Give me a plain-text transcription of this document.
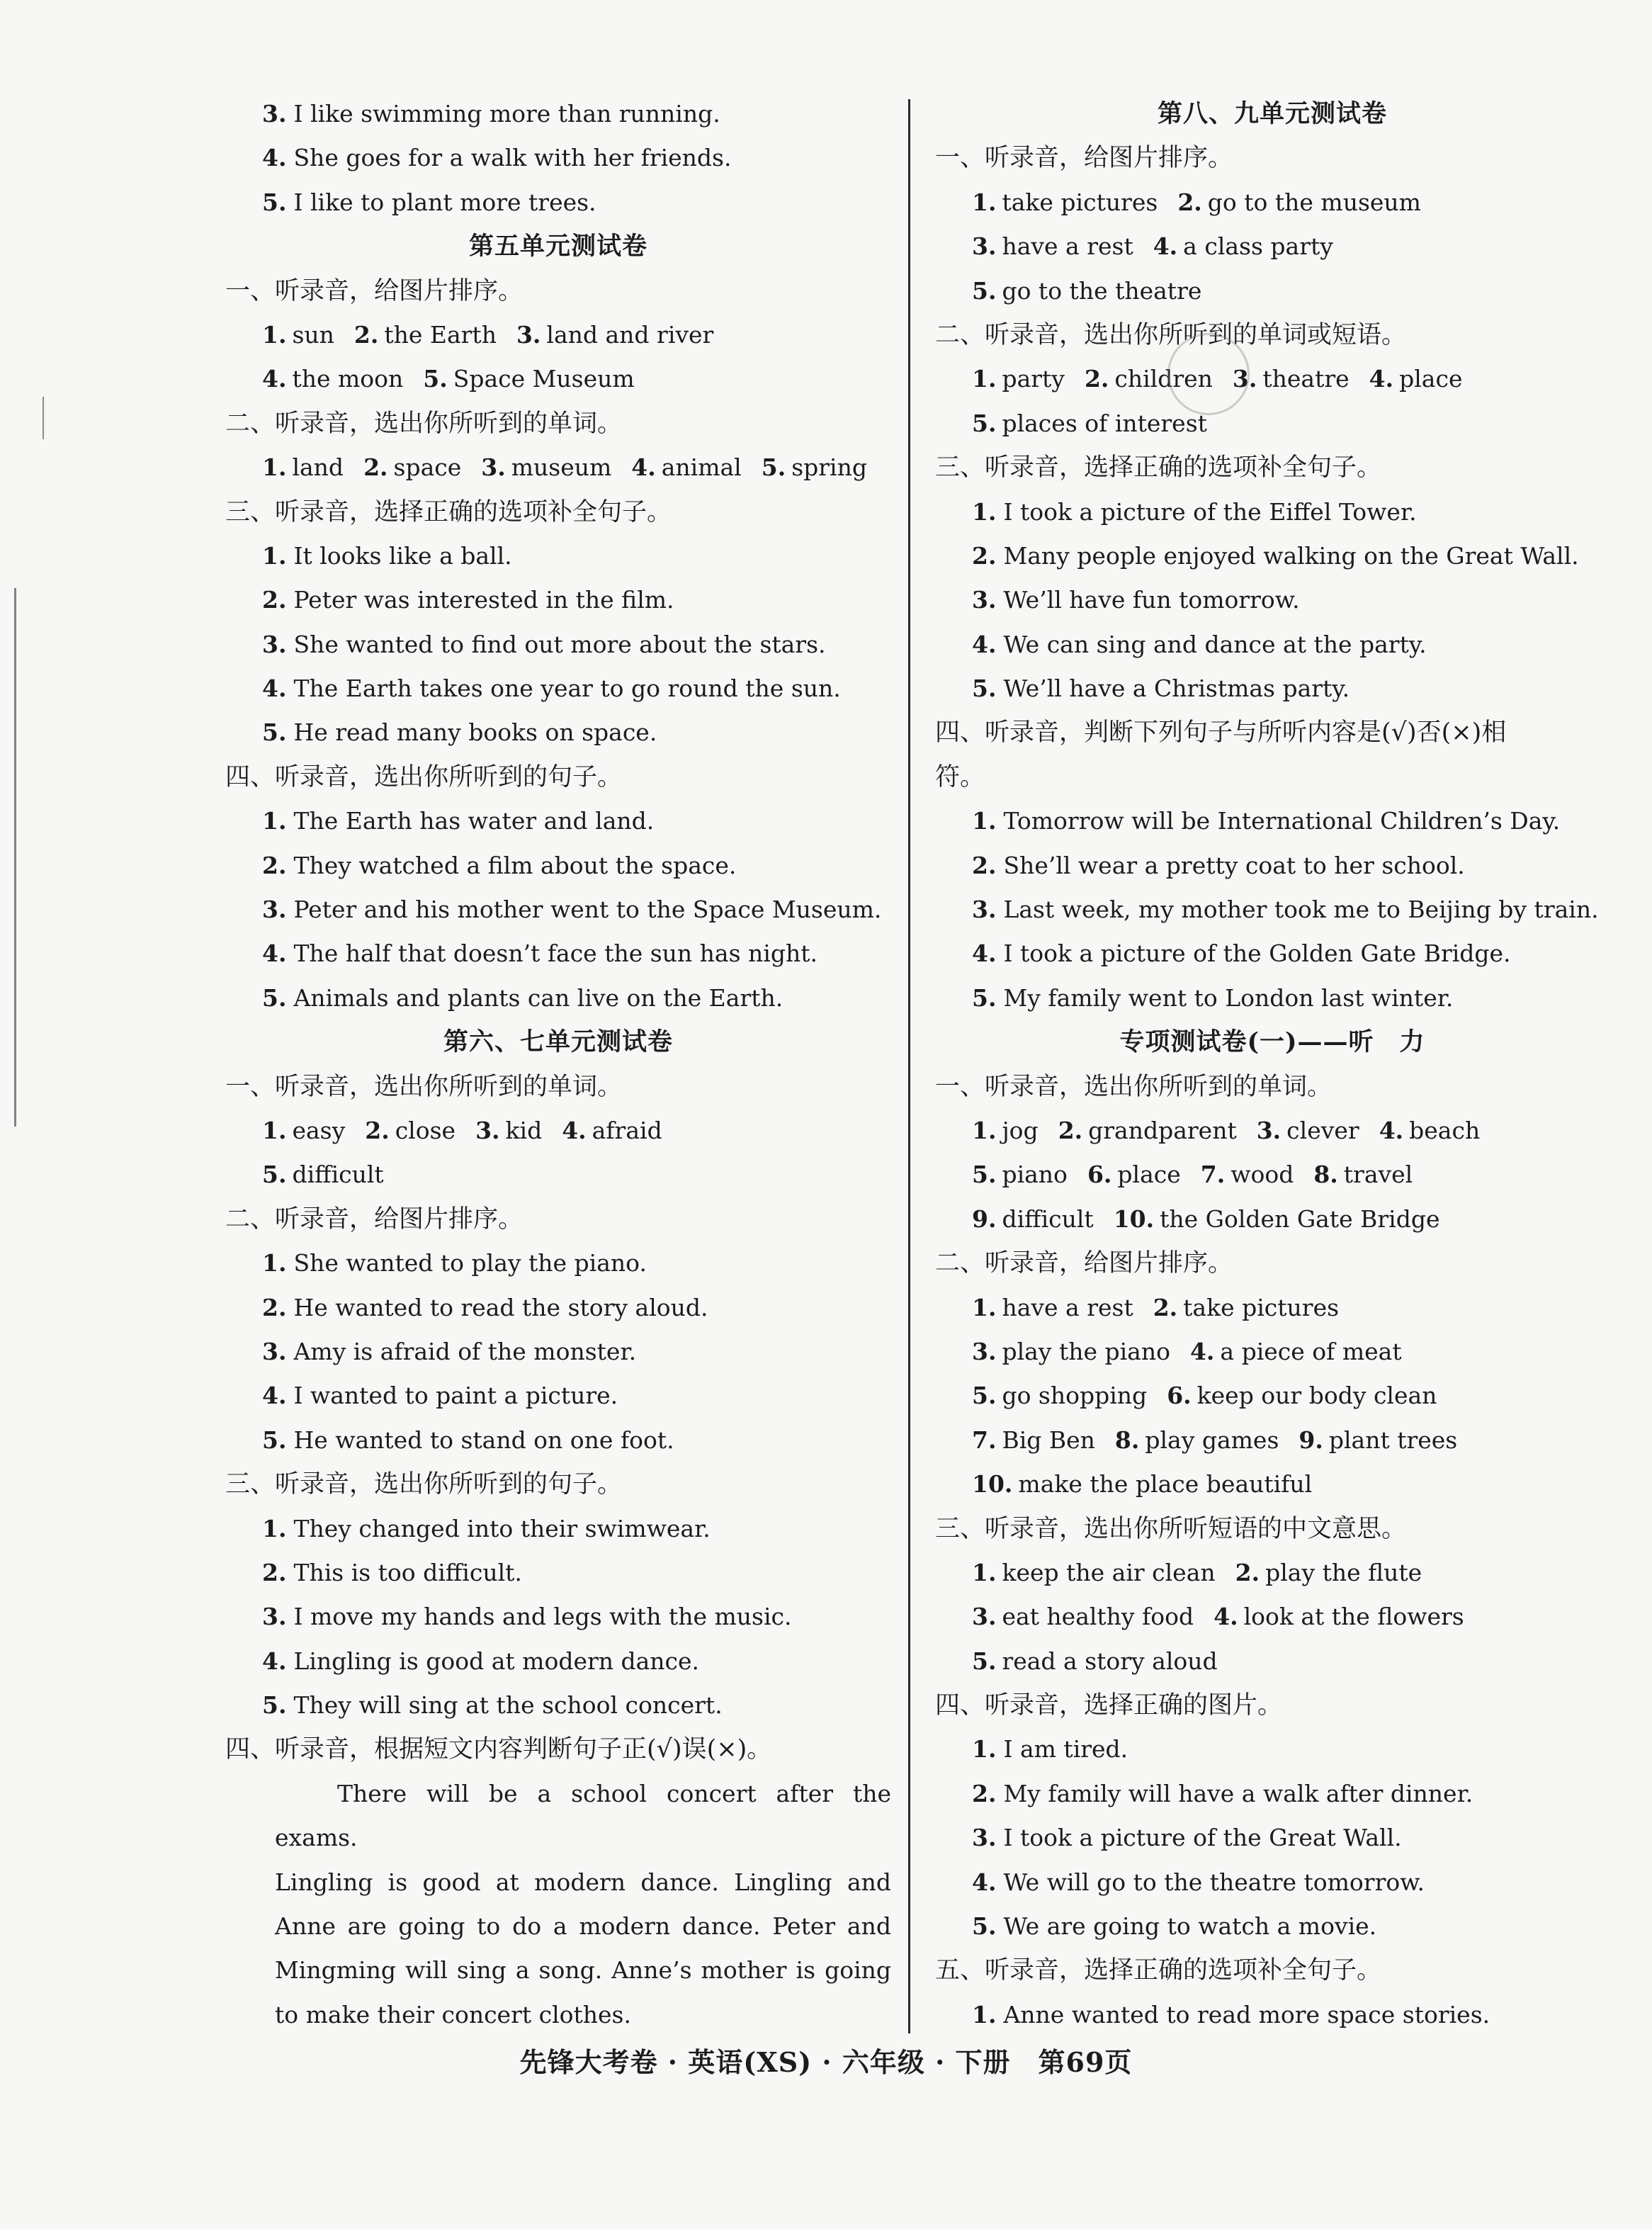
3. I like swimming more than running.
4. She goes for a walk with her friends.
5. I like to plant more trees.
第五单元测试卷
一、听录音，给图片排序。
1. sun 2. the Earth 3. land and river
4. the moon 5. Space Museum
二、听录音，选出你所听到的单词。
1. land 2. space 3. museum 4. animal 5. spring
三、听录音，选择正确的选项补全句子。
1. It looks like a ball.
2. Peter was interested in the film.
3. She wanted to find out more about the stars.
4. The Earth takes one year to go round the sun.
5. He read many books on space.
四、听录音，选出你所听到的句子。
1. The Earth has water and land.
2. They watched a film about the space.
3. Peter and his mother went to the Space Museum.
4. The half that doesn’t face the sun has night.
5. Animals and plants can live on the Earth.
第六、七单元测试卷
一、听录音，选出你所听到的单词。
1. easy 2. close 3. kid 4. afraid
5. difficult
二、听录音，给图片排序。
1. She wanted to play the piano.
2. He wanted to read the story aloud.
3. Amy is afraid of the monster.
4. I wanted to paint a picture.
5. He wanted to stand on one foot.
三、听录音，选出你所听到的句子。
1. They changed into their swimwear.
2. This is too difficult.
3. I move my hands and legs with the music.
4. Lingling is good at modern dance.
5. They will sing at the school concert.
四、听录音，根据短文内容判断句子正(√)误(×)。
There will be a school concert after the exams.
Lingling is good at modern dance. Lingling and Anne are going to do a modern dance. Peter and Mingming will sing a song. Anne’s mother is going to make their concert clothes.
第八、九单元测试卷
一、听录音，给图片排序。
1. take pictures 2. go to the museum
3. have a rest 4. a class party
5. go to the theatre
二、听录音，选出你所听到的单词或短语。
1. party 2. children 3. theatre 4. place
5. places of interest
三、听录音，选择正确的选项补全句子。
1. I took a picture of the Eiffel Tower.
2. Many people enjoyed walking on the Great Wall.
3. We’ll have fun tomorrow.
4. We can sing and dance at the party.
5. We’ll have a Christmas party.
四、听录音，判断下列句子与所听内容是(√)否(×)相
符。
1. Tomorrow will be International Children’s Day.
2. She’ll wear a pretty coat to her school.
3. Last week, my mother took me to Beijing by train.
4. I took a picture of the Golden Gate Bridge.
5. My family went to London last winter.
专项测试卷(一)——听　力
一、听录音，选出你所听到的单词。
1. jog 2. grandparent 3. clever 4. beach
5. piano 6. place 7. wood 8. travel
9. difficult 10. the Golden Gate Bridge
二、听录音，给图片排序。
1. have a rest 2. take pictures
3. play the piano 4. a piece of meat
5. go shopping 6. keep our body clean
7. Big Ben 8. play games 9. plant trees
10. make the place beautiful
三、听录音，选出你所听短语的中文意思。
1. keep the air clean 2. play the flute
3. eat healthy food 4. look at the flowers
5. read a story aloud
四、听录音，选择正确的图片。
1. I am tired.
2. My family will have a walk after dinner.
3. I took a picture of the Great Wall.
4. We will go to the theatre tomorrow.
5. We are going to watch a movie.
五、听录音，选择正确的选项补全句子。
1. Anne wanted to read more space stories.
先锋大考卷 · 英语(XS) · 六年级 · 下册　第69页
